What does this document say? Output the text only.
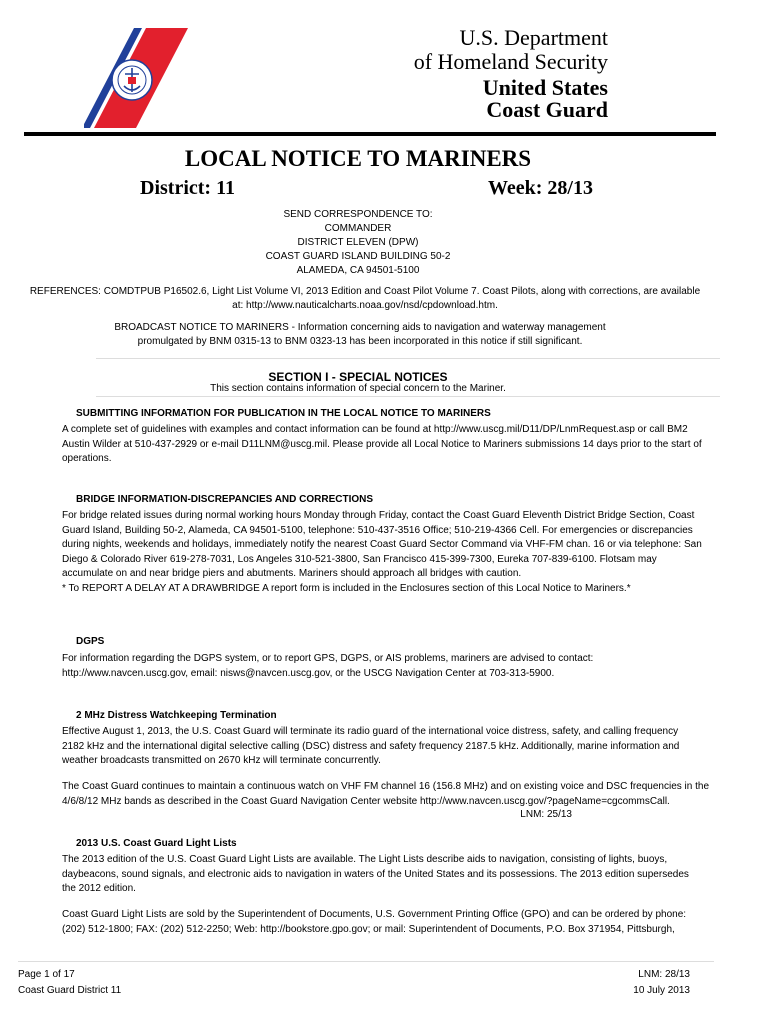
U.S. Department
of Homeland Security
United States
Coast Guard
LOCAL NOTICE TO MARINERS
District: 11	Week: 28/13
SEND CORRESPONDENCE TO:
COMMANDER
DISTRICT ELEVEN (DPW)
COAST GUARD ISLAND BUILDING 50-2
ALAMEDA, CA 94501-5100
REFERENCES: COMDTPUB P16502.6, Light List Volume VI, 2013 Edition and Coast Pilot Volume 7. Coast Pilots, along with corrections, are available
at: http://www.nauticalcharts.noaa.gov/nsd/cpdownload.htm.
BROADCAST NOTICE TO MARINERS - Information concerning aids to navigation and waterway management
promulgated by BNM 0315-13 to BNM 0323-13 has been incorporated in this notice if still significant.
SECTION I - SPECIAL NOTICES
This section contains information of special concern to the Mariner.
SUBMITTING INFORMATION FOR PUBLICATION IN THE LOCAL NOTICE TO MARINERS
A complete set of guidelines with examples and contact information can be found at http://www.uscg.mil/D11/DP/LnmRequest.asp or call BM2
Austin Wilder at 510-437-2929 or e-mail D11LNM@uscg.mil. Please provide all Local Notice to Mariners submissions 14 days prior to the start of
operations.
BRIDGE INFORMATION-DISCREPANCIES AND CORRECTIONS
For bridge related issues during normal working hours Monday through Friday, contact the Coast Guard Eleventh District Bridge Section, Coast
Guard Island, Building 50-2, Alameda, CA 94501-5100, telephone: 510-437-3516 Office; 510-219-4366 Cell. For emergencies or discrepancies
during nights, weekends and holidays, immediately notify the nearest Coast Guard Sector Command via VHF-FM chan. 16 or via telephone: San
Diego & Colorado River 619-278-7031, Los Angeles 310-521-3800, San Francisco 415-399-7300, Eureka 707-839-6100. Flotsam may
accumulate on and near bridge piers and abutments. Mariners should approach all bridges with caution.
* To REPORT A DELAY AT A DRAWBRIDGE A report form is included in the Enclosures section of this Local Notice to Mariners.*
DGPS
For information regarding the DGPS system, or to report GPS, DGPS, or AIS problems, mariners are advised to contact:
http://www.navcen.uscg.gov, email: nisws@navcen.uscg.gov, or the USCG Navigation Center at 703-313-5900.
2 MHz Distress Watchkeeping Termination
Effective August 1, 2013, the U.S. Coast Guard will terminate its radio guard of the international voice distress, safety, and calling frequency
2182 kHz and the international digital selective calling (DSC) distress and safety frequency 2187.5 kHz. Additionally, marine information and
weather broadcasts transmitted on 2670 kHz will terminate concurrently.
The Coast Guard continues to maintain a continuous watch on VHF FM channel 16 (156.8 MHz) and on existing voice and DSC frequencies in the
4/6/8/12 MHz bands as described in the Coast Guard Navigation Center website http://www.navcen.uscg.gov/?pageName=cgcommsCall.
LNM: 25/13
2013 U.S. Coast Guard Light Lists
The 2013 edition of the U.S. Coast Guard Light Lists are available. The Light Lists describe aids to navigation, consisting of lights, buoys,
daybeacons, sound signals, and electronic aids to navigation in waters of the United States and its possessions. The 2013 edition supersedes
the 2012 edition.
Coast Guard Light Lists are sold by the Superintendent of Documents, U.S. Government Printing Office (GPO) and can be ordered by phone:
(202) 512-1800; FAX: (202) 512-2250; Web: http://bookstore.gpo.gov; or mail: Superintendent of Documents, P.O. Box 371954, Pittsburgh,
Page 1 of 17
Coast Guard District 11
LNM: 28/13
10 July 2013
